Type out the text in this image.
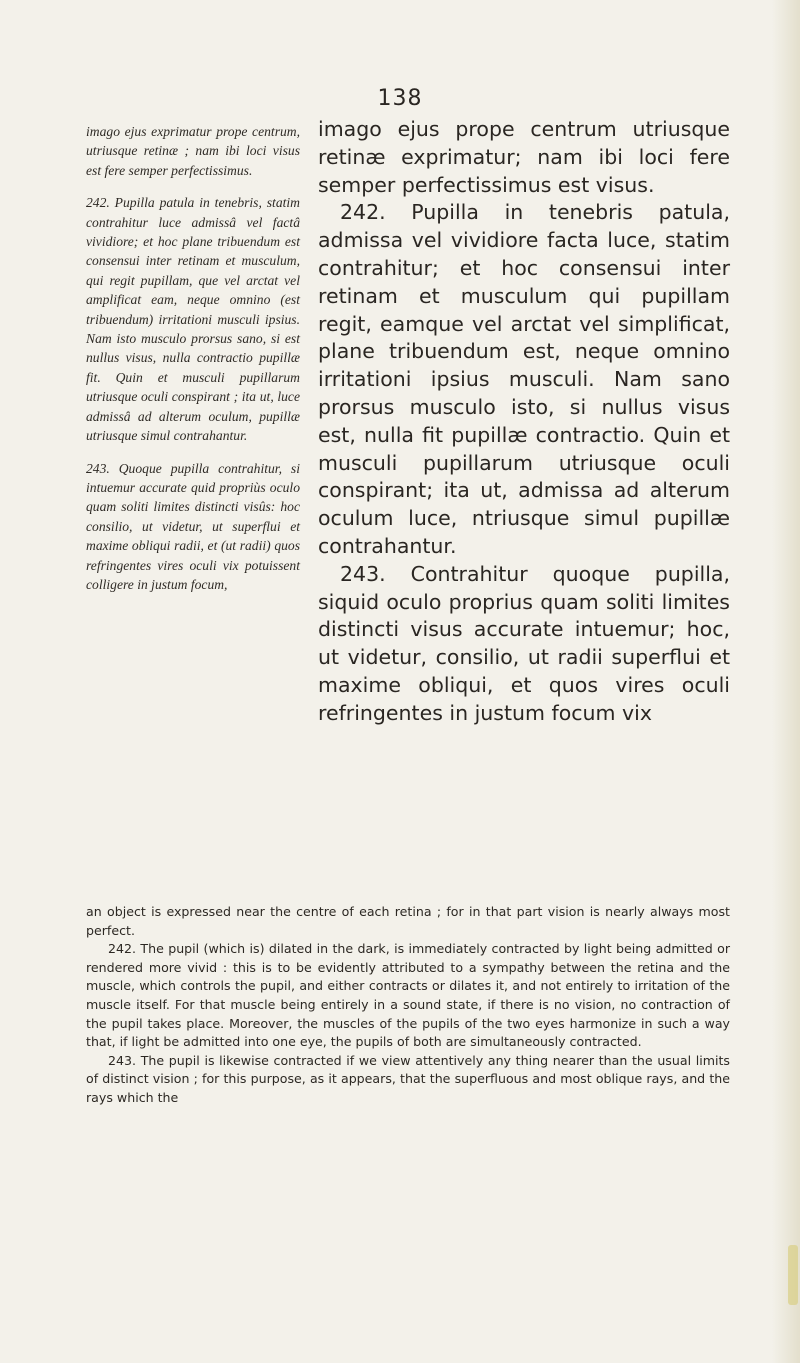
138

imago ejus exprimatur prope centrum, utriusque retinæ ; nam ibi loci visus est fere semper perfectissimus.

242. Pupilla patula in tenebris, statim contrahitur luce admissâ vel factâ vividiore; et hoc plane tribuendum est consensui inter retinam et musculum, qui regit pupillam, que vel arctat vel amplificat eam, neque omnino (est tribuendum) irritationi musculi ipsius. Nam isto musculo prorsus sano, si est nullus visus, nulla contractio pupillæ fit. Quin et musculi pupillarum utriusque oculi conspirant ; ita ut, luce admissâ ad alterum oculum, pupillæ utriusque simul contrahantur.

243. Quoque pupilla contrahitur, si intuemur accurate quid propriùs oculo quam soliti limites distincti visûs: hoc consilio, ut videtur, ut superflui et maxime obliqui radii, et (ut radii) quos refringentes vires oculi vix potuissent colligere in justum focum,

imago ejus prope centrum utriusque retinæ exprimatur; nam ibi loci fere semper perfectissimus est visus.

242. Pupilla in tenebris patula, admissa vel vividiore facta luce, statim contrahitur; et hoc consensui inter retinam et musculum qui pupillam regit, eamque vel arctat vel simplificat, plane tribuendum est, neque omnino irritationi ipsius musculi. Nam sano prorsus musculo isto, si nullus visus est, nulla fit pupillæ contractio. Quin et musculi pupillarum utriusque oculi conspirant; ita ut, admissa ad alterum oculum luce, ntriusque simul pupillæ contrahantur.

243. Contrahitur quoque pupilla, siquid oculo proprius quam soliti limites distincti visus accurate intuemur; hoc, ut videtur, consilio, ut radii superflui et maxime obliqui, et quos vires oculi refringentes in justum focum vix

an object is expressed near the centre of each retina ; for in that part vision is nearly always most perfect.

242. The pupil (which is) dilated in the dark, is immediately contracted by light being admitted or rendered more vivid : this is to be evidently attributed to a sympathy between the retina and the muscle, which controls the pupil, and either contracts or dilates it, and not entirely to irritation of the muscle itself. For that muscle being entirely in a sound state, if there is no vision, no contraction of the pupil takes place. Moreover, the muscles of the pupils of the two eyes harmonize in such a way that, if light be admitted into one eye, the pupils of both are simultaneously contracted.

243. The pupil is likewise contracted if we view attentively any thing nearer than the usual limits of distinct vision ; for this purpose, as it appears, that the superfluous and most oblique rays, and the rays which the
